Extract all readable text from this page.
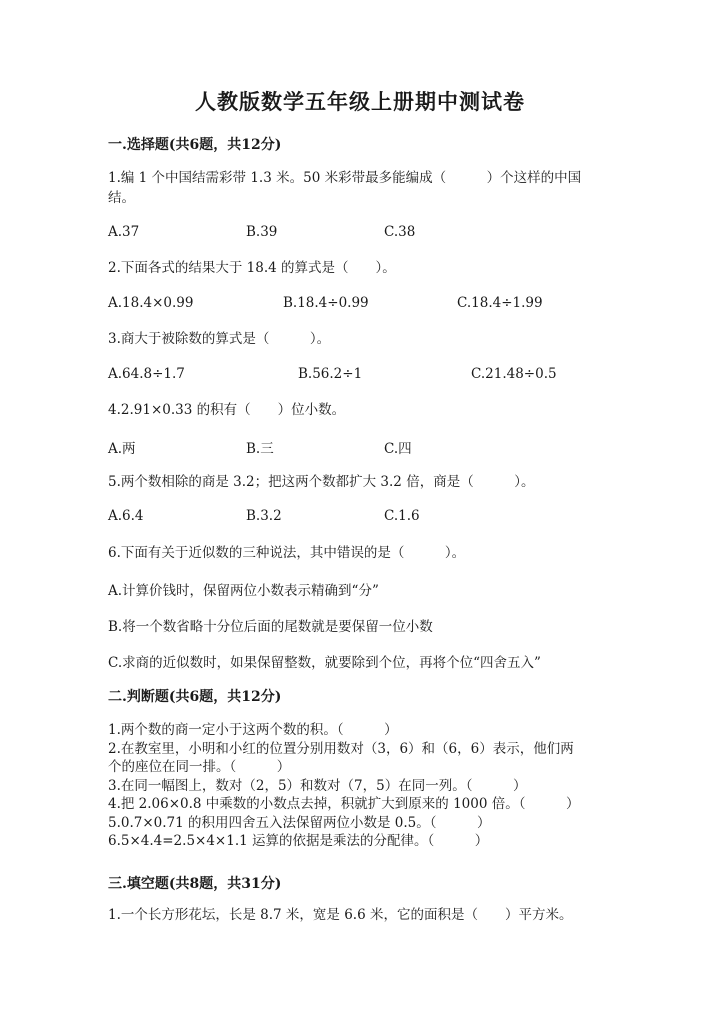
人教版数学五年级上册期中测试卷
一.选择题(共6题，共12分)
1.编 1 个中国结需彩带 1.3 米。50 米彩带最多能编成（　　　）个这样的中国结。
A.37	B.39	C.38
2.下面各式的结果大于 18.4 的算式是（　　）。
A.18.4×0.99	B.18.4÷0.99	C.18.4÷1.99
3.商大于被除数的算式是（　　　）。
A.64.8÷1.7	B.56.2÷1	C.21.48÷0.5
4.2.91×0.33 的积有（　　）位小数。
A.两	B.三	C.四
5.两个数相除的商是 3.2；把这两个数都扩大 3.2 倍，商是（　　　）。
A.6.4	B.3.2	C.1.6
6.下面有关于近似数的三种说法，其中错误的是（　　　）。
A.计算价钱时，保留两位小数表示精确到“分”
B.将一个数省略十分位后面的尾数就是要保留一位小数
C.求商的近似数时，如果保留整数，就要除到个位，再将个位“四舍五入”
二.判断题(共6题，共12分)
1.两个数的商一定小于这两个数的积。（　　　）
2.在教室里，小明和小红的位置分别用数对（3，6）和（6，6）表示，他们两
个的座位在同一排。（　　　）
3.在同一幅图上，数对（2，5）和数对（7，5）在同一列。（　　　）
4.把 2.06×0.8 中乘数的小数点去掉，积就扩大到原来的 1000 倍。（　　　）
5.0.7×0.71 的积用四舍五入法保留两位小数是 0.5。（　　　）
6.5×4.4=2.5×4×1.1 运算的依据是乘法的分配律。（　　　）
三.填空题(共8题，共31分)
1.一个长方形花坛，长是 8.7 米，宽是 6.6 米，它的面积是（　　）平方米。
